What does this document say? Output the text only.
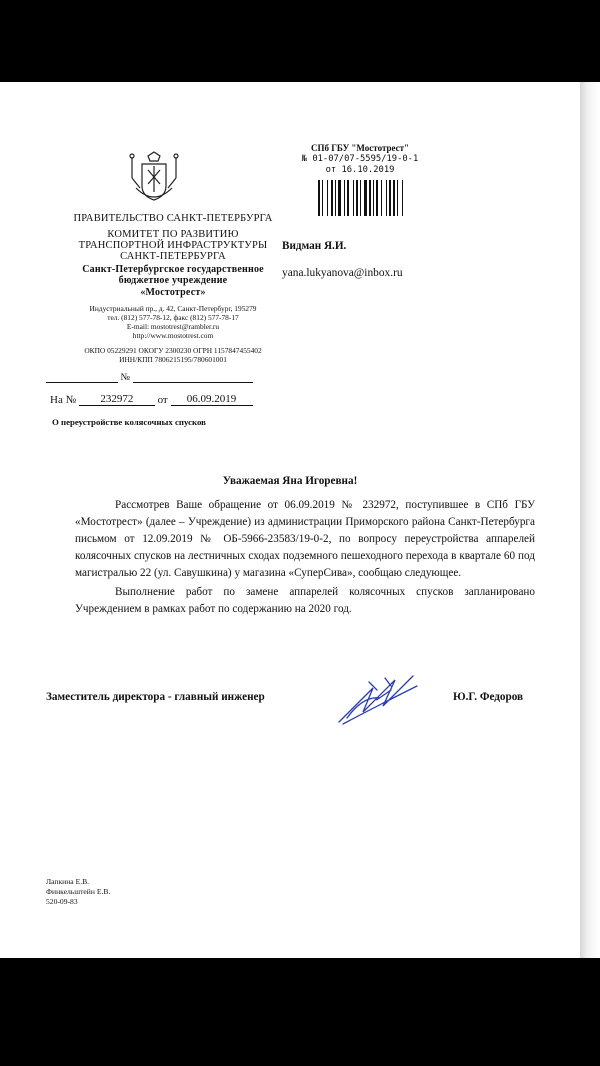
ПРАВИТЕЛЬСТВО САНКТ-ПЕТЕРБУРГА
КОМИТЕТ ПО РАЗВИТИЮ
ТРАНСПОРТНОЙ ИНФРАСТРУКТУРЫ
САНКТ-ПЕТЕРБУРГА
Санкт-Петербургское государственное
бюджетное учреждение
«Мостотрест»
Индустриальный пр., д. 42, Санкт-Петербург, 195279
тел. (812) 577-78-12, факс (812) 577-78-17
E-mail: mostotrest@rambler.ru
http://www.mostotrest.com
ОКПО 05229291 ОКОГУ 2300230 ОГРН 1157847455402
ИНН/КПП 7806215195/780601001
№
На № 232972 от 06.09.2019
О переустройстве колясочных спусков
СПб ГБУ "Мостотрест"
№ 01-07/07-5595/19-0-1
от 16.10.2019
Видман Я.И.
yana.lukyanova@inbox.ru
Уважаемая Яна Игоревна!

Рассмотрев Ваше обращение от 06.09.2019 № 232972, поступившее в СПб ГБУ «Мостотрест» (далее – Учреждение) из администрации Приморского района Санкт-Петербурга письмом от 12.09.2019 № ОБ-5966-23583/19-0-2, по вопросу переустройства аппарелей колясочных спусков на лестничных сходах подземного пешеходного перехода в квартале 60 под магистралью 22 (ул. Савушкина) у магазина «СуперСива», сообщаю следующее.

Выполнение работ по замене аппарелей колясочных спусков запланировано Учреждением в рамках работ по содержанию на 2020 год.

Заместитель директора - главный инженер	Ю.Г. Федоров
Лапкина Е.В.
Финкельштейн Е.В.
520-09-83
